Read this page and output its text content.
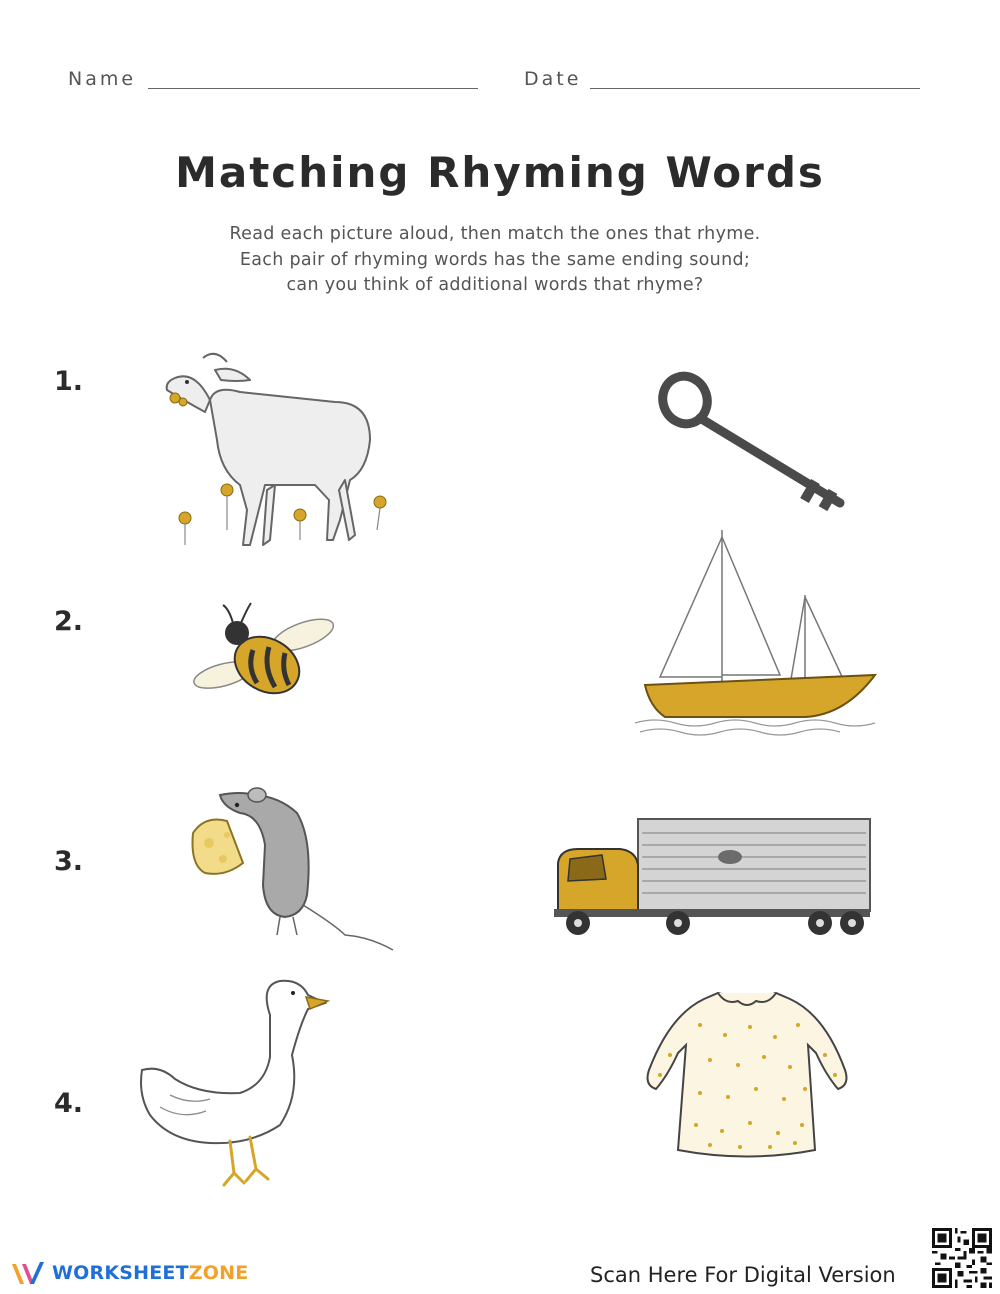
Name	Date
Matching Rhyming Words
Read each picture aloud, then match the ones that rhyme.
Each pair of rhyming words has the same ending sound;
can you think of additional words that rhyme?
1.
2.
3.
4.
WORKSHEETZONE	Scan Here For Digital Version
